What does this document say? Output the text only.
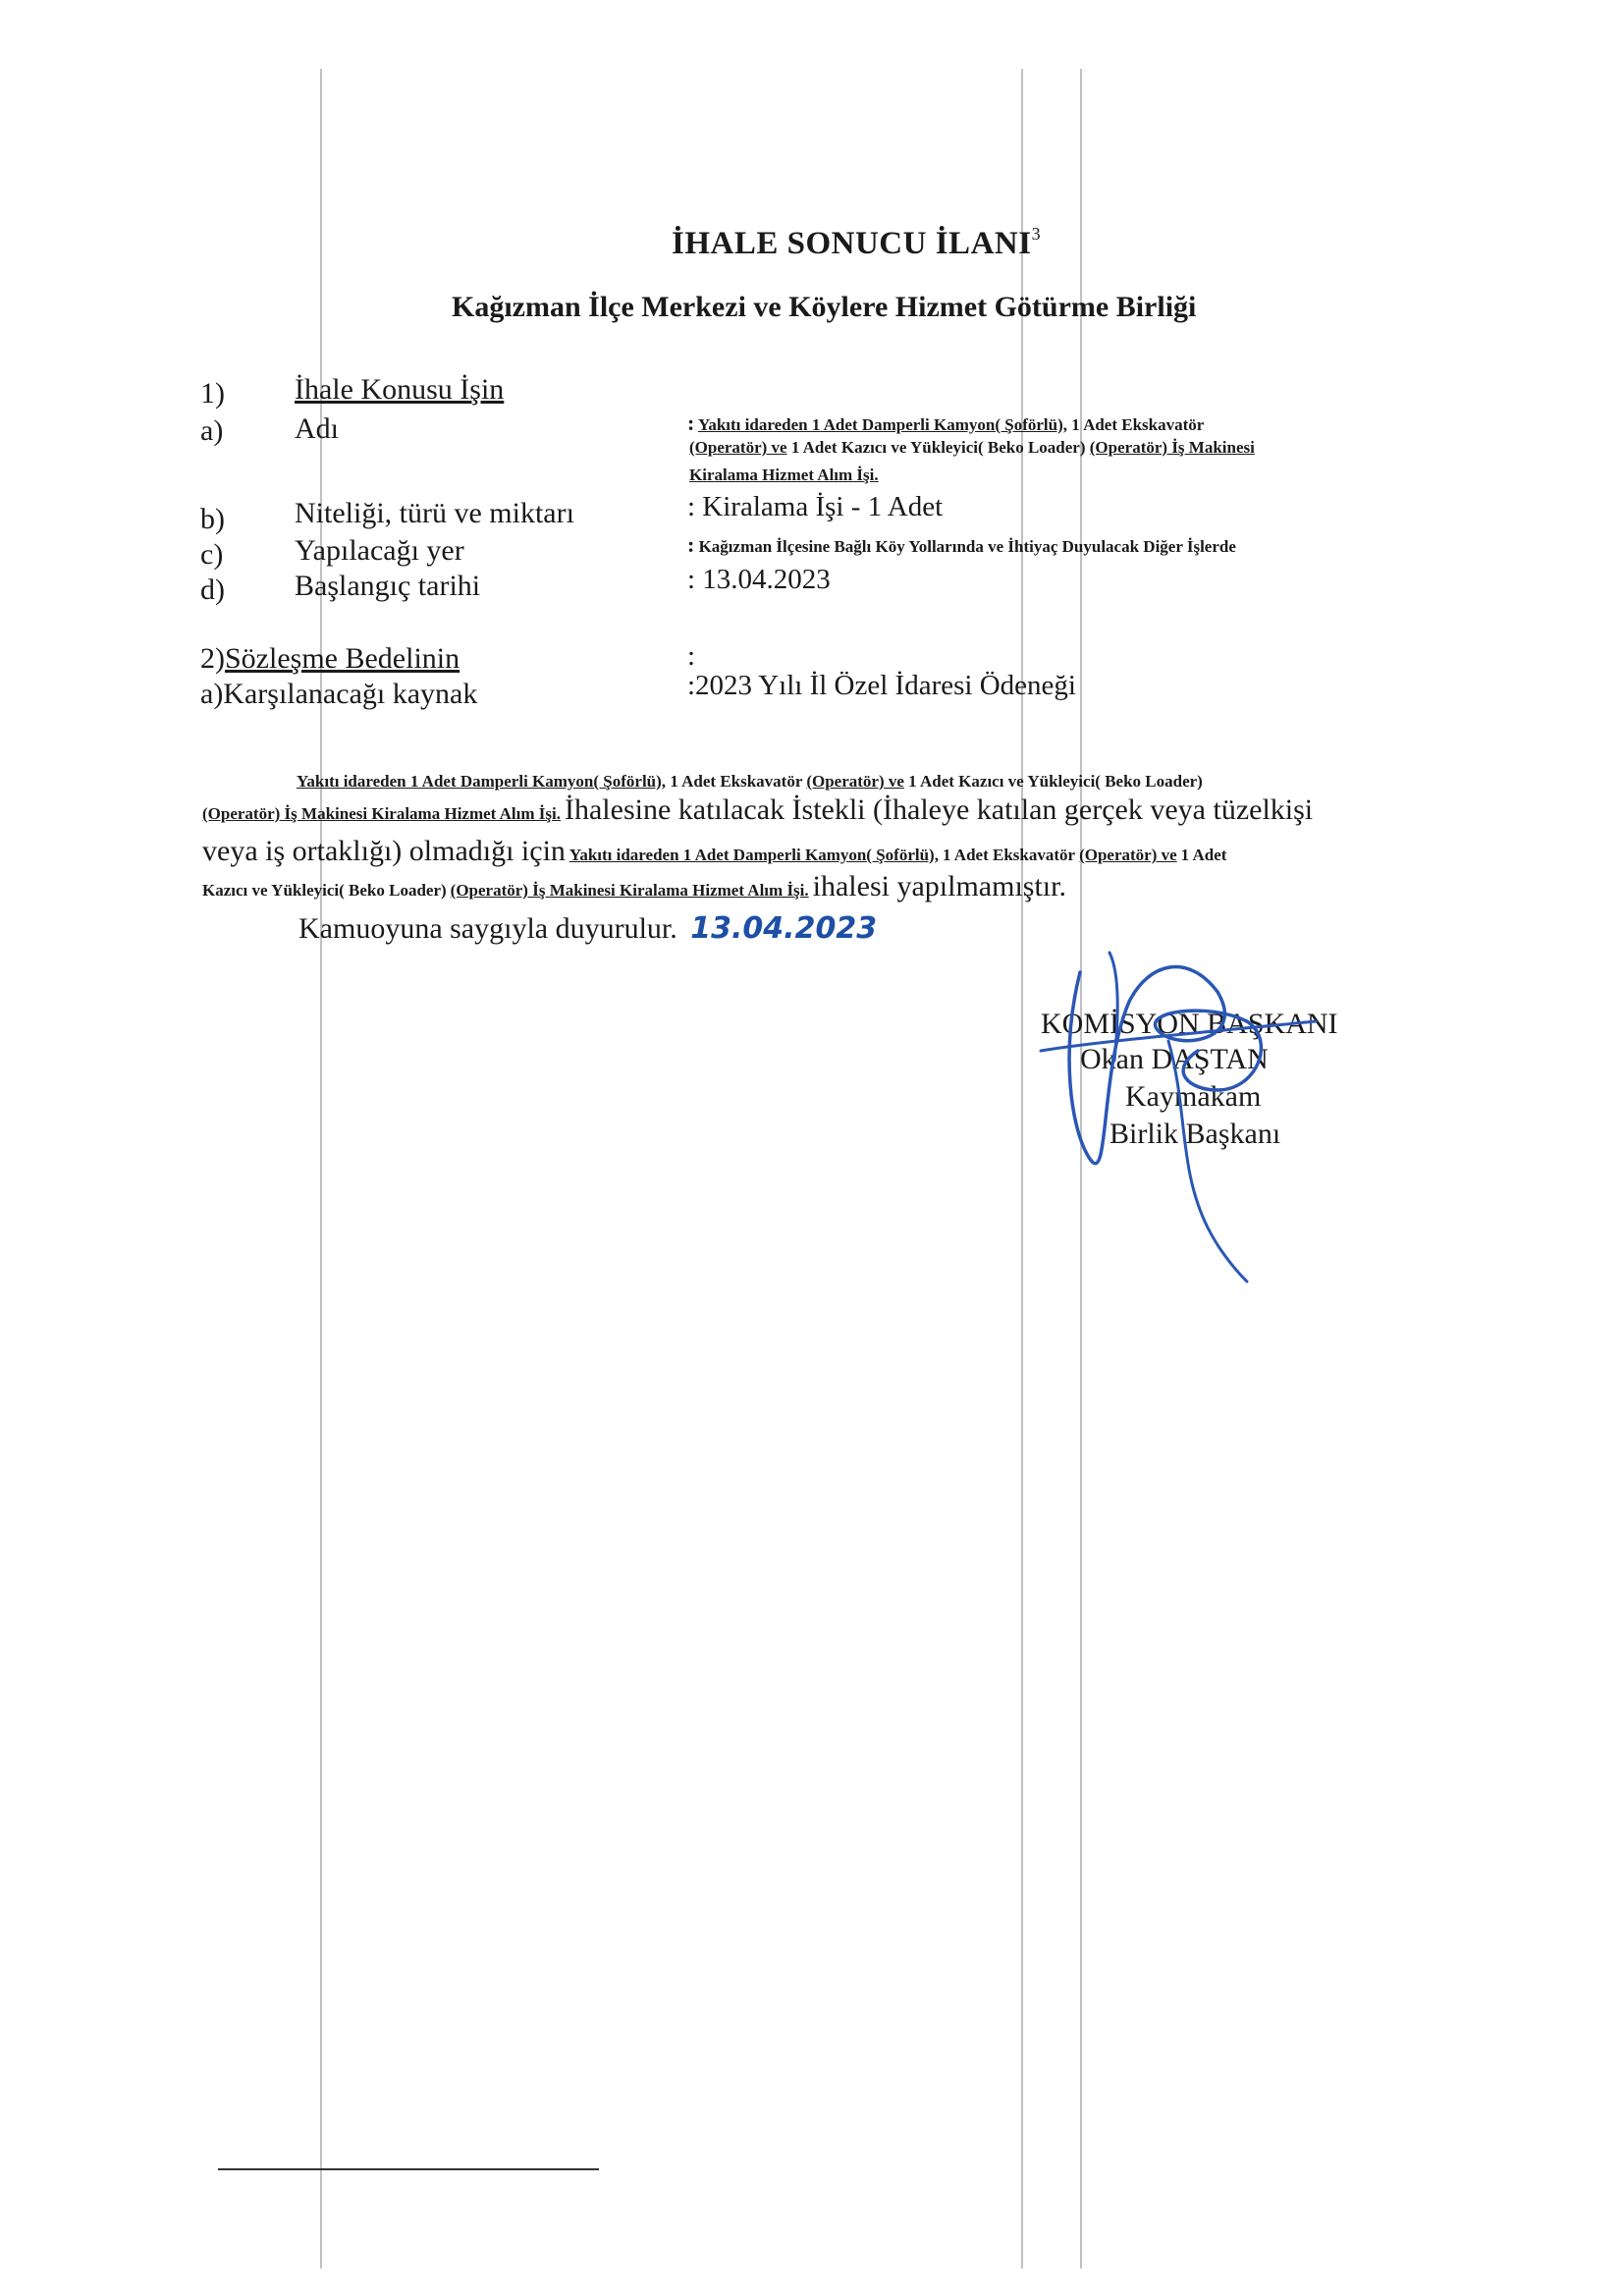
İHALE SONUCU İLANI$^3$
Kağızman İlçe Merkezi ve Köylere Hizmet Götürme Birliği
1) İhale Konusu İşin
a) Adı	: Yakıtı idareden 1 Adet Damperli Kamyon( Şoförlü), 1 Adet Ekskavatör
(Operatör) ve 1 Adet Kazıcı ve Yükleyici( Beko Loader) (Operatör) İş Makinesi
Kiralama Hizmet Alım İşi.
b) Niteliği, türü ve miktarı	: Kiralama İşi - 1 Adet
c) Yapılacağı yer	: Kağızman İlçesine Bağlı Köy Yollarında ve İhtiyaç Duyulacak Diğer İşlerde
d) Başlangıç tarihi	: 13.04.2023
2)Sözleşme Bedelinin	:
a)Karşılanacağı kaynak	:2023 Yılı İl Özel İdaresi Ödeneği
Yakıtı idareden 1 Adet Damperli Kamyon( Şoförlü), 1 Adet Ekskavatör (Operatör) ve 1 Adet Kazıcı ve Yükleyici( Beko Loader)
(Operatör) İş Makinesi Kiralama Hizmet Alım İşi. İhalesine katılacak İstekli (İhaleye katılan gerçek veya tüzelkişi
veya iş ortaklığı) olmadığı için Yakıtı idareden 1 Adet Damperli Kamyon( Şoförlü), 1 Adet Ekskavatör (Operatör) ve 1 Adet
Kazıcı ve Yükleyici( Beko Loader) (Operatör) İş Makinesi Kiralama Hizmet Alım İşi. ihalesi yapılmamıştır.
Kamuoyuna saygıyla duyurulur. 13.04.2023
KOMİSYON BAŞKANI
Okan DAŞTAN
Kaymakam
Birlik Başkanı
